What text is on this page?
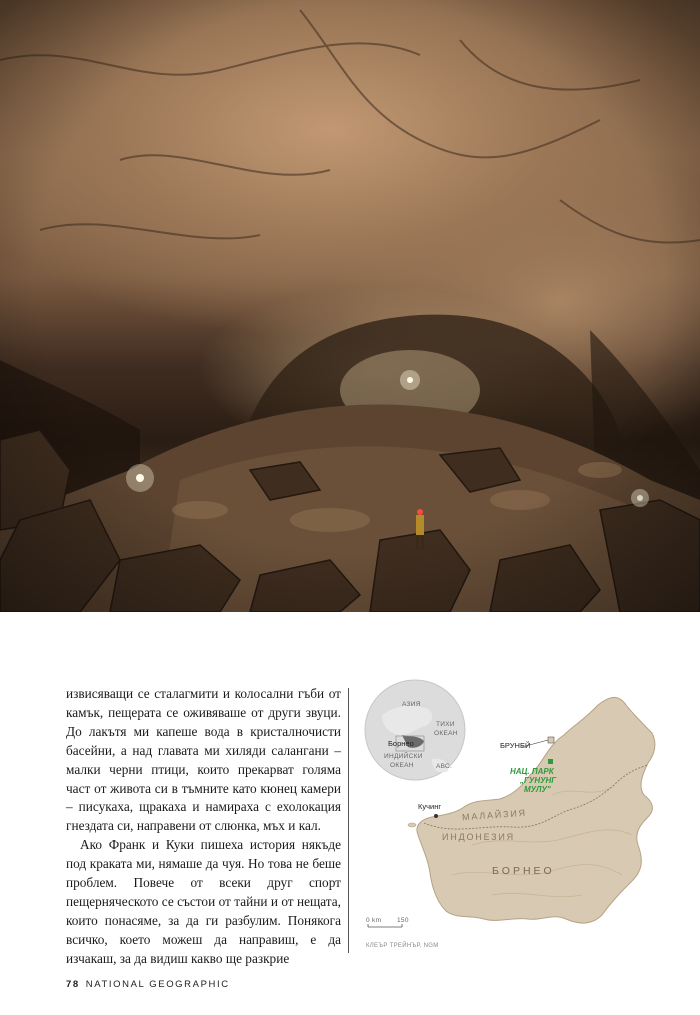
извисяващи се сталагмити и колосални гъби от камък, пещерата се оживяваше от други звуци. До лакътя ми капеше вода в кристалночисти басейни, а над главата ми хиляди салангани – малки черни птици, които прекарват голяма част от живота си в тъмните като кюнец камери – писукаха, щракаха и намираха с ехолокация гнездата си, направени от слюнка, мъх и кал.

Ако Франк и Куки пишеха история някъде под краката ми, нямаше да чуя. Но това не беше проблем. Повече от всеки друг спорт пещерняческото се състои от тайни и от нещата, които понасяме, за да ги разбулим. Понякога всичко, което можеш да направиш, е да изчакаш, за да видиш какво ще разкрие

АЗИЯ
ТИХИ
ОКЕАН
Борнео
ИНДИЙСКИ
ОКЕАН	АВС.
БРУНЕЙ
НАЦ. ПАРК
„ГУНУНГ
МУЛУ"
Кучинг
МАЛАЙЗИЯ
ИНДОНЕЗИЯ
БОРНЕО
0 km 150
КЛЕЪР ТРЕЙНЪР, NGM
78 NATIONAL GEOGRAPHIC
